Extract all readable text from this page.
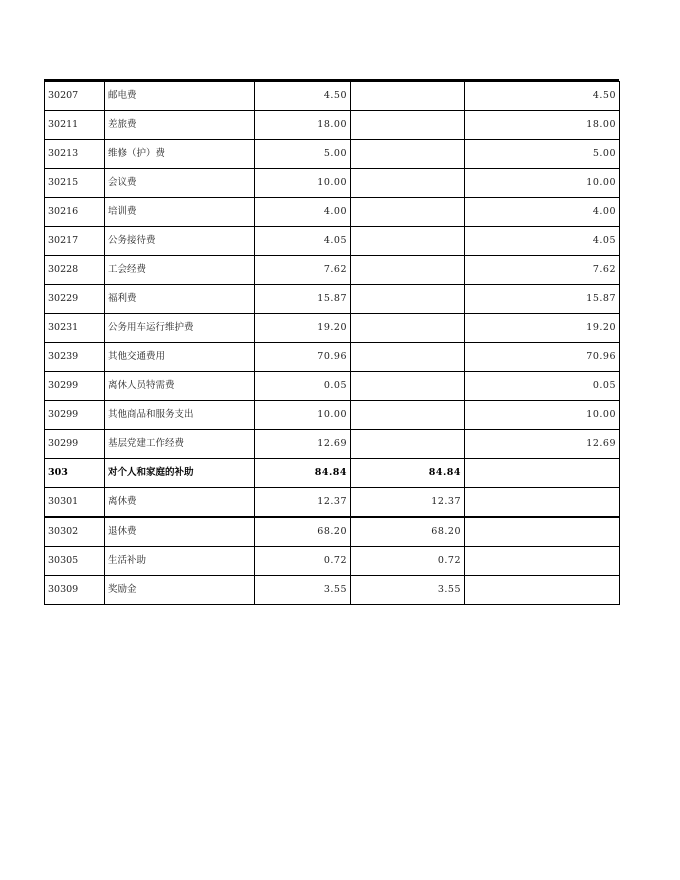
30207	邮电费	4.50		4.50
30211	差旅费	18.00		18.00
30213	维修（护）费	5.00		5.00
30215	会议费	10.00		10.00
30216	培训费	4.00		4.00
30217	公务接待费	4.05		4.05
30228	工会经费	7.62		7.62
30229	福利费	15.87		15.87
30231	公务用车运行维护费	19.20		19.20
30239	其他交通费用	70.96		70.96
30299	离休人员特需费	0.05		0.05
30299	其他商品和服务支出	10.00		10.00
30299	基层党建工作经费	12.69		12.69
303	对个人和家庭的补助	84.84	84.84	
30301	离休费	12.37	12.37	
30302	退休费	68.20	68.20	
30305	生活补助	0.72	0.72	
30309	奖励金	3.55	3.55	
